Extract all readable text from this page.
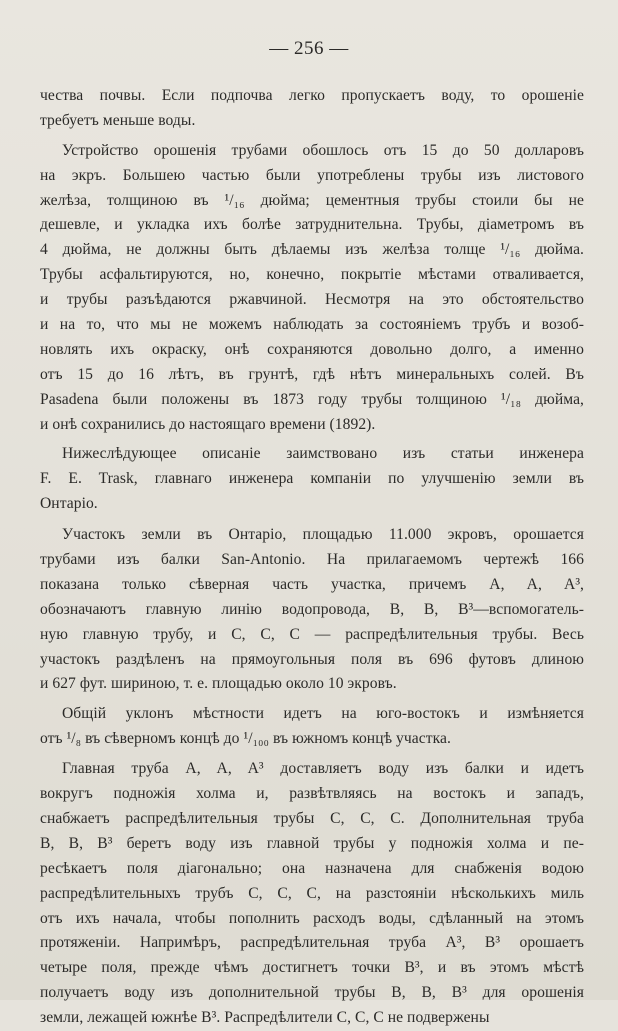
— 256 —
чества почвы. Если подпочва легко пропускаетъ воду, то орошеніе
требуетъ меньше воды.
Устройство орошенія трубами обошлось отъ 15 до 50 долларовъ
на экръ. Большею частью были употреблены трубы изъ листового
желѣза, толщиною въ ¹/₁₆ дюйма; цементныя трубы стоили бы не
дешевле, и укладка ихъ болѣе затруднительна. Трубы, діаметромъ въ
4 дюйма, не должны быть дѣлаемы изъ желѣза толще ¹/₁₆ дюйма.
Трубы асфальтируются, но, конечно, покрытіе мѣстами отваливается,
и трубы разъѣдаются ржавчиной. Несмотря на это обстоятельство
и на то, что мы не можемъ наблюдать за состояніемъ трубъ и возоб-
новлять ихъ окраску, онѣ сохраняются довольно долго, а именно
отъ 15 до 16 лѣтъ, въ грунтѣ, гдѣ нѣтъ минеральныхъ солей. Въ
Pasadena были положены въ 1873 году трубы толщиною ¹/₁₈ дюйма,
и онѣ сохранились до настоящаго времени (1892).
Нижеслѣдующее описаніе заимствовано изъ статьи инженера
F. E. Trask, главнаго инженера компаніи по улучшенію земли въ
Онтаріо.
Участокъ земли въ Онтаріо, площадью 11.000 экровъ, орошается
трубами изъ балки San-Antonio. На прилагаемомъ чертежѣ 166
показана только сѣверная часть участка, причемъ A, A, A³,
обозначаютъ главную линію водопровода, B, B, B³—вспомогатель-
ную главную трубу, и C, C, C — распредѣлительныя трубы. Весь
участокъ раздѣленъ на прямоугольныя поля въ 696 футовъ длиною
и 627 фут. шириною, т. е. площадью около 10 экровъ.
Общій уклонъ мѣстности идетъ на юго-востокъ и измѣняется
отъ ¹/₈ въ сѣверномъ концѣ до ¹/₁₀₀ въ южномъ концѣ участка.
Главная труба A, A, A³ доставляетъ воду изъ балки и идетъ
вокругъ подножія холма и, развѣтвляясь на востокъ и западъ,
снабжаетъ распредѣлительныя трубы C, C, C. Дополнительная труба
B, B, B³ беретъ воду изъ главной трубы у подножія холма и пе-
ресѣкаетъ поля діагонально; она назначена для снабженія водою
распредѣлительныхъ трубъ C, C, C, на разстояніи нѣсколькихъ миль
отъ ихъ начала, чтобы пополнить расходъ воды, сдѣланный на этомъ
протяженіи. Напримѣръ, распредѣлительная труба A³, B³ орошаетъ
четыре поля, прежде чѣмъ достигнетъ точки B³, и въ этомъ мѣстѣ
получаетъ воду изъ дополнительной трубы B, B, B³ для орошенія
земли, лежащей южнѣе B³. Распредѣлители C, C, C не подвержены
